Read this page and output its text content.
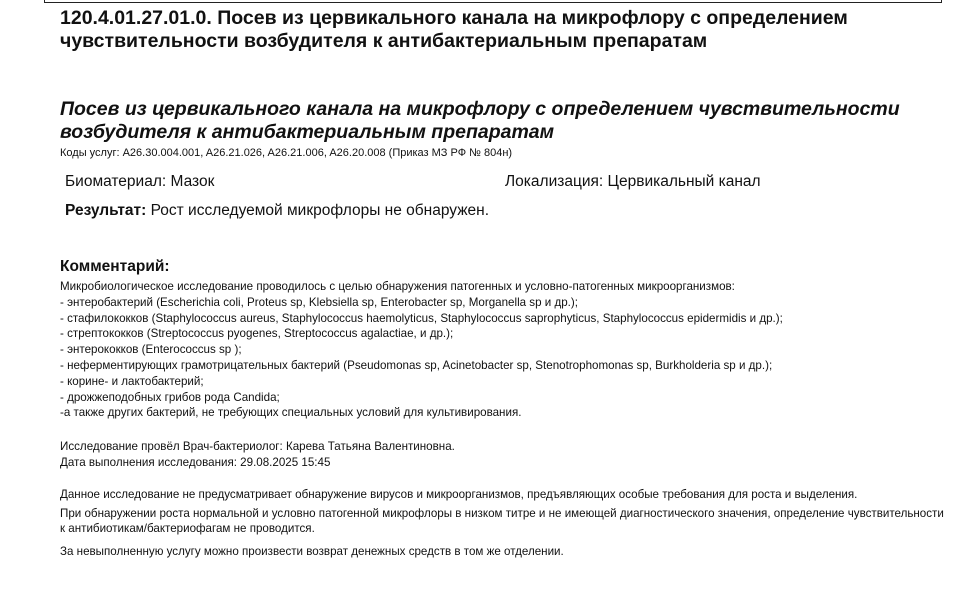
120.4.01.27.01.0. Посев из цервикального канала на микрофлору с определением чувствительности возбудителя к антибактериальным препаратам
Посев из цервикального канала на микрофлору с определением чувствительности возбудителя к антибактериальным препаратам
Коды услуг: A26.30.004.001, A26.21.026, A26.21.006, A26.20.008 (Приказ МЗ РФ № 804н)
Биоматериал: Мазок	Локализация: Цервикальный канал
Результат: Рост исследуемой микрофлоры не обнаружен.
Комментарий:
Микробиологическое исследование проводилось с целью обнаружения патогенных и условно-патогенных микроорганизмов:
- энтеробактерий (Escherichia coli, Proteus sp, Klebsiella sp, Enterobacter sp, Morganella sp и др.);
- стафилококков (Staphylococcus aureus, Staphylococcus haemolyticus, Staphylococcus saprophyticus, Staphylococcus epidermidis и др.);
- стрептококков (Streptococcus pyogenes, Streptococcus agalactiae, и др.);
- энтерококков (Enterococcus sp );
- неферментирующих грамотрицательных бактерий (Pseudomonas sp, Acinetobacter sp, Stenotrophomonas sp, Burkholderia sp и др.);
- корине- и лактобактерий;
- дрожжеподобных грибов рода Candida;
-а также других бактерий, не требующих специальных условий для культивирования.
Исследование провёл Врач-бактериолог: Карева Татьяна Валентиновна.
Дата выполнения исследования: 29.08.2025 15:45

Данное исследование не предусматривает обнаружение вирусов и микроорганизмов, предъявляющих особые требования для роста и выделения.

При обнаружении роста нормальной и условно патогенной микрофлоры в низком титре и не имеющей диагностического значения, определение чувствительности к антибиотикам/бактериофагам не проводится.

За невыполненную услугу можно произвести возврат денежных средств в том же отделении.
